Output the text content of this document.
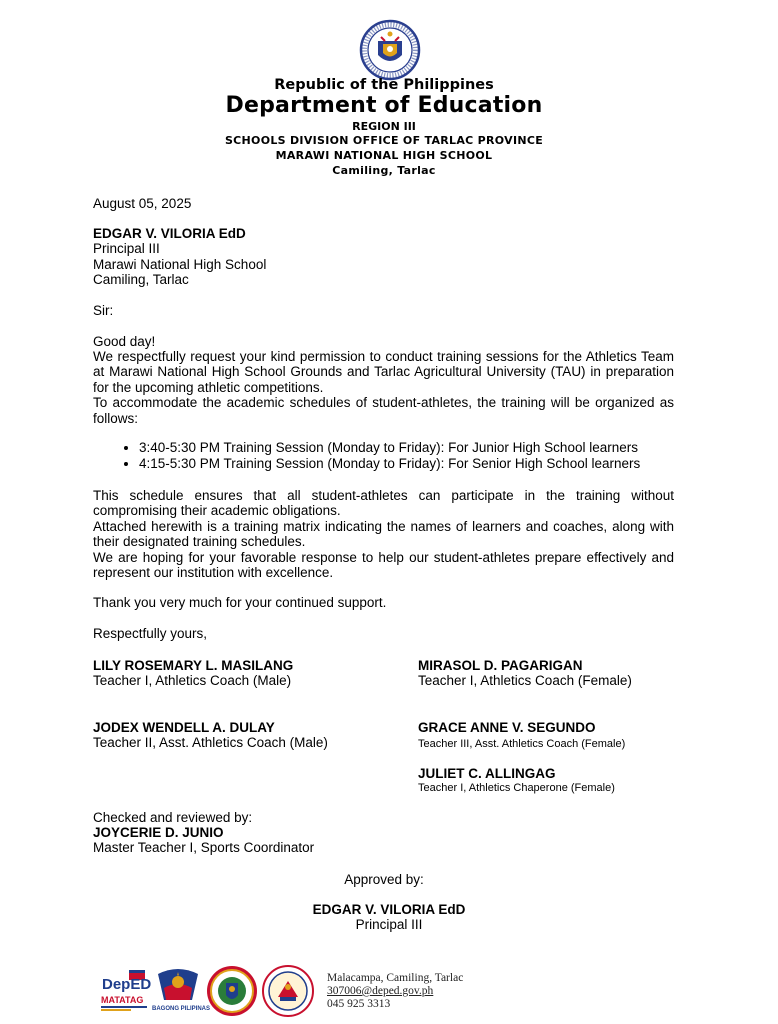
Republic of the Philippines
Department of Education
REGION III
SCHOOLS DIVISION OFFICE OF TARLAC PROVINCE
MARAWI NATIONAL HIGH SCHOOL
Camiling, Tarlac
August 05, 2025
EDGAR V. VILORIA EdD
Principal III
Marawi National High School
Camiling, Tarlac
Sir:
Good day!

We respectfully request your kind permission to conduct training sessions for the Athletics Team at Marawi National High School Grounds and Tarlac Agricultural University (TAU) in preparation for the upcoming athletic competitions.

To accommodate the academic schedules of student-athletes, the training will be organized as follows:

• 3:40-5:30 PM Training Session (Monday to Friday): For Junior High School learners
• 4:15-5:30 PM Training Session (Monday to Friday): For Senior High School learners

This schedule ensures that all student-athletes can participate in the training without compromising their academic obligations.

Attached herewith is a training matrix indicating the names of learners and coaches, along with their designated training schedules.

We are hoping for your favorable response to help our student-athletes prepare effectively and represent our institution with excellence.

Thank you very much for your continued support.
Respectfully yours,
LILY ROSEMARY L. MASILANG
Teacher I, Athletics Coach (Male)
MIRASOL D. PAGARIGAN
Teacher I, Athletics Coach (Female)
JODEX WENDELL A. DULAY
Teacher II, Asst. Athletics Coach (Male)
GRACE ANNE V. SEGUNDO
Teacher III, Asst. Athletics Coach (Female)
JULIET C. ALLINGAG
Teacher I, Athletics Chaperone (Female)
Checked and reviewed by:
JOYCERIE D. JUNIO
Master Teacher I, Sports Coordinator
Approved by:
EDGAR V. VILORIA EdD
Principal III
DepED
MATATAG
BAGONG PILIPINAS
Malacampa, Camiling, Tarlac
307006@deped.gov.ph
045 925 3313
